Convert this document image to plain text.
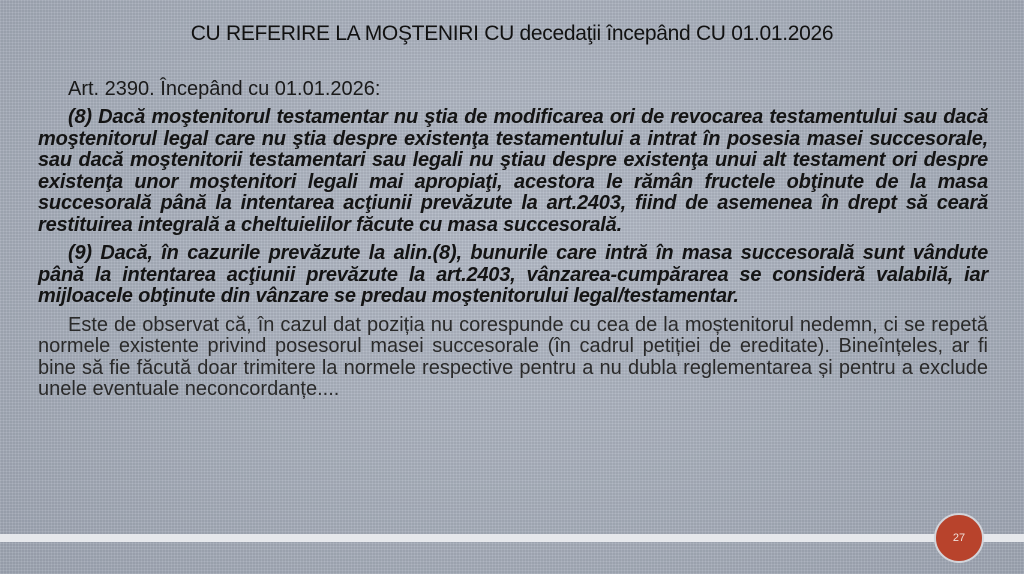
CU REFERIRE LA MOŞTENIRI CU decedaţii începând CU 01.01.2026

Art. 2390. Începând cu 01.01.2026:

(8) Dacă moştenitorul testamentar nu ştia de modificarea ori de revocarea testamentului sau dacă moştenitorul legal care nu ştia despre existenţa testamentului a intrat în posesia masei succesorale, sau dacă moştenitorii testamentari sau legali nu ştiau despre existenţa unui alt testament ori despre existenţa unor moştenitori legali mai apropiaţi, acestora le rămân fructele obţinute de la masa succesorală până la intentarea acţiunii prevăzute la art.2403, fiind de asemenea în drept să ceară restituirea integrală a cheltuielilor făcute cu masa succesorală.

(9) Dacă, în cazurile prevăzute la alin.(8), bunurile care intră în masa succesorală sunt vândute până la intentarea acţiunii prevăzute la art.2403, vânzarea-cumpărarea se consideră valabilă, iar mijloacele obţinute din vânzare se predau moştenitorului legal/testamentar.

Este de observat că, în cazul dat poziția nu corespunde cu cea de la moștenitorul nedemn, ci se repetă normele existente privind posesorul masei succesorale (în cadrul petiției de ereditate). Bineînțeles, ar fi bine să fie făcută doar trimitere la normele respective pentru a nu dubla reglementarea și pentru a exclude unele eventuale neconcordanțe....

27
